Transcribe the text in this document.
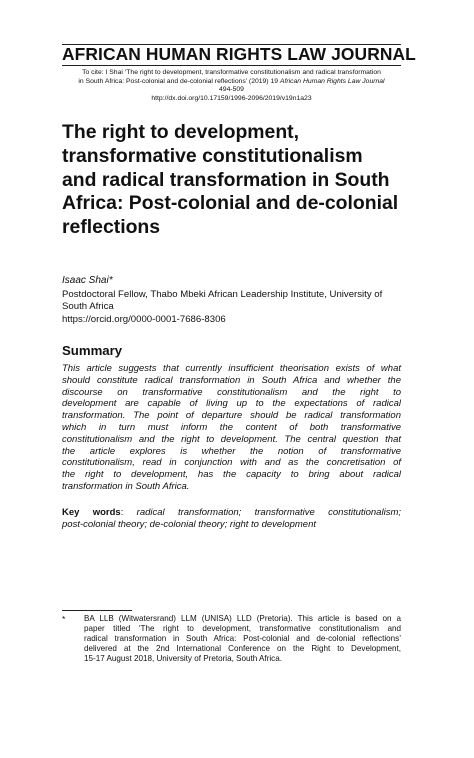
AFRICAN HUMAN RIGHTS LAW JOURNAL
To cite: I Shai ‘The right to development, transformative constitutionalism and radical transformation
in South Africa: Post-colonial and de-colonial reflections’ (2019) 19 African Human Rights Law Journal
494-509
http://dx.doi.org/10.17159/1996-2096/2019/v19n1a23
The right to development,
transformative constitutionalism
and radical transformation in South
Africa: Post-colonial and de-colonial
reflections
Isaac Shai*
Postdoctoral Fellow, Thabo Mbeki African Leadership Institute, University of
South Africa
https://orcid.org/0000-0001-7686-8306
Summary
This article suggests that currently insufficient theorisation exists of what
should constitute radical transformation in South Africa and whether the
discourse on transformative constitutionalism and the right to
development are capable of living up to the expectations of radical
transformation. The point of departure should be radical transformation
which in turn must inform the content of both transformative
constitutionalism and the right to development. The central question that
the article explores is whether the notion of transformative
constitutionalism, read in conjunction with and as the concretisation of
the right to development, has the capacity to bring about radical
transformation in South Africa.
Key words: radical transformation; transformative constitutionalism;
post-colonial theory; de-colonial theory; right to development
* BA LLB (Witwatersrand) LLM (UNISA) LLD (Pretoria). This article is based on a
paper titled ‘The right to development, transformative constitutionalism and
radical transformation in South Africa: Post-colonial and de-colonial reflections’
delivered at the 2nd International Conference on the Right to Development,
15-17 August 2018, University of Pretoria, South Africa.
